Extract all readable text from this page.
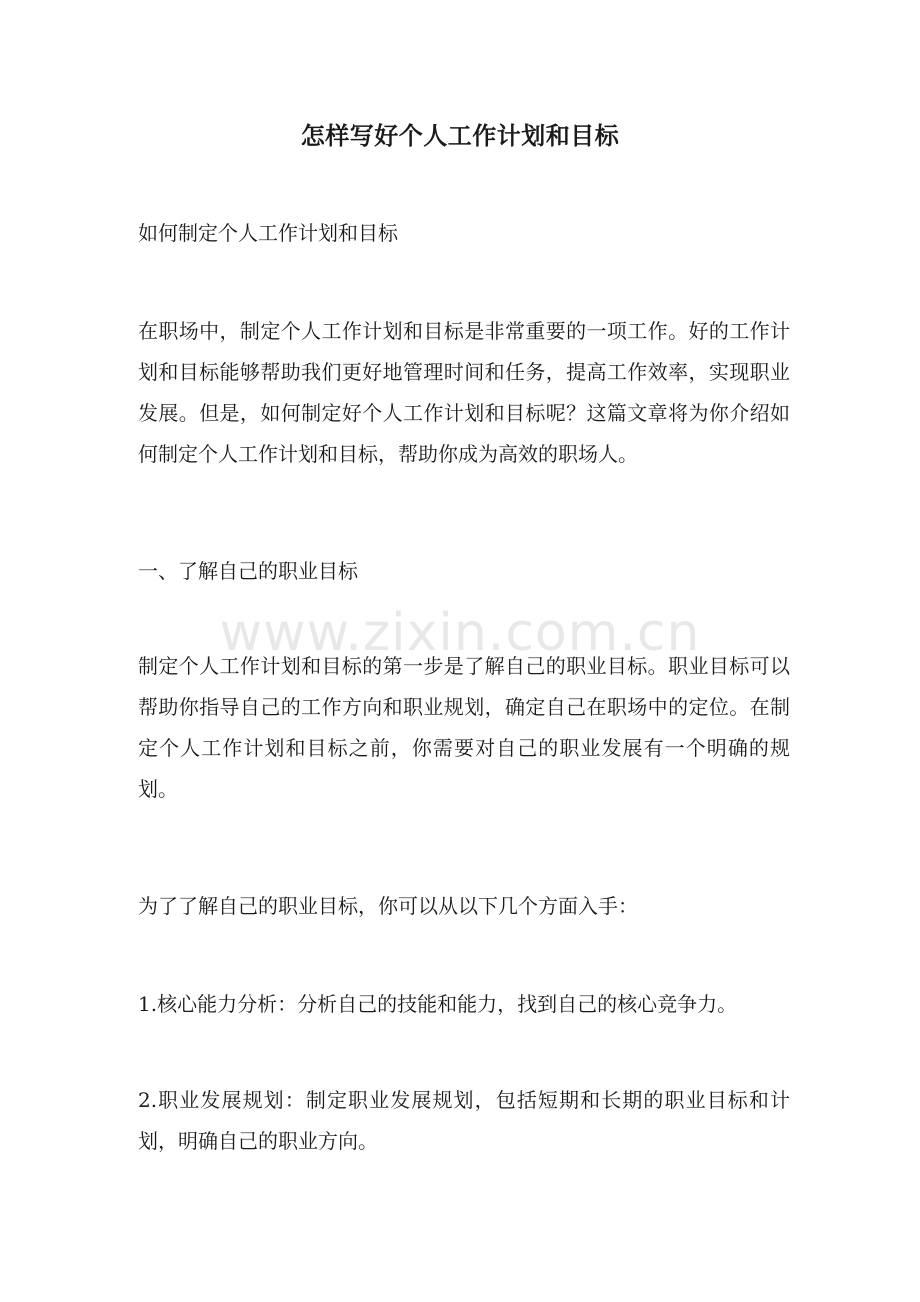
怎样写好个人工作计划和目标

如何制定个人工作计划和目标

在职场中，制定个人工作计划和目标是非常重要的一项工作。好的工作计划和目标能够帮助我们更好地管理时间和任务，提高工作效率，实现职业发展。但是，如何制定好个人工作计划和目标呢？这篇文章将为你介绍如何制定个人工作计划和目标，帮助你成为高效的职场人。

一、了解自己的职业目标

www.zixin.com.cn

制定个人工作计划和目标的第一步是了解自己的职业目标。职业目标可以帮助你指导自己的工作方向和职业规划，确定自己在职场中的定位。在制定个人工作计划和目标之前，你需要对自己的职业发展有一个明确的规划。

为了了解自己的职业目标，你可以从以下几个方面入手：

1.核心能力分析：分析自己的技能和能力，找到自己的核心竞争力。

2.职业发展规划：制定职业发展规划，包括短期和长期的职业目标和计划，明确自己的职业方向。
